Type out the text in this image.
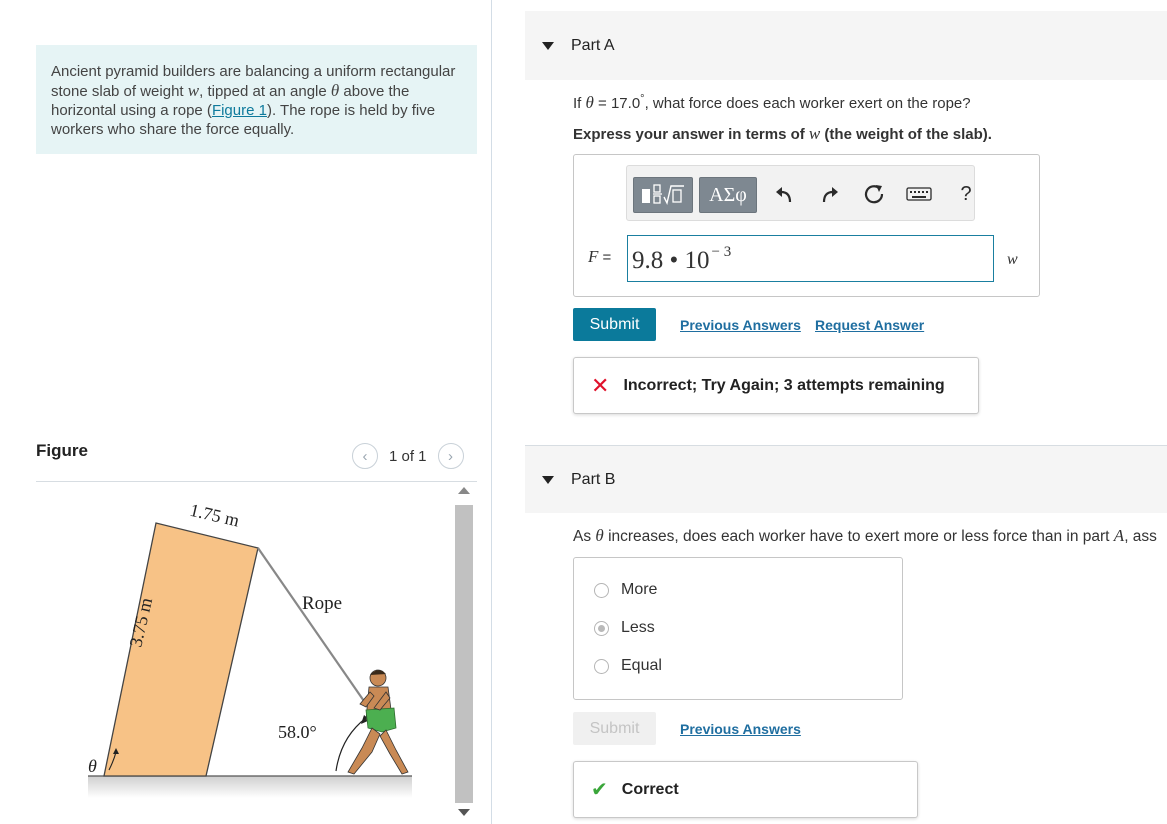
Ancient pyramid builders are balancing a uniform rectangular stone slab of weight w, tipped at an angle θ above the horizontal using a rope (Figure 1). The rope is held by five workers who share the force equally.
Figure	‹ 1 of 1 ›
1.75 m
3.75 m	Rope
58.0°
θ
Part A
If θ = 17.0°, what force does each worker exert on the rope?
Express your answer in terms of w (the weight of the slab).
ΑΣφ	?
F = 9.8 • 10 $^{- 3}$	w
Submit	Previous Answers Request Answer
✕ Incorrect; Try Again; 3 attempts remaining
Part B
As θ increases, does each worker have to exert more or less force than in part A, ass
More
Less
Equal
Submit	Previous Answers
✔ Correct
